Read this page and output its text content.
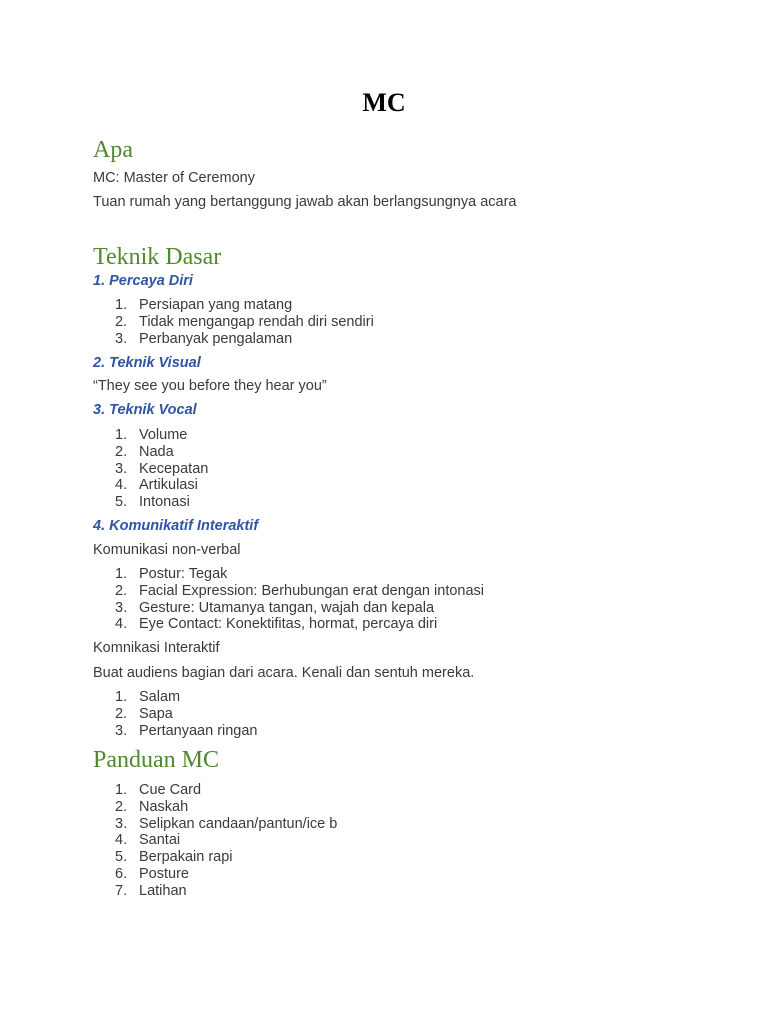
MC
Apa

MC: Master of Ceremony

Tuan rumah yang bertanggung jawab akan berlangsungnya acara

Teknik Dasar
1. Percaya Diri
1. Persiapan yang matang
2. Tidak mengangap rendah diri sendiri
3. Perbanyak pengalaman
2. Teknik Visual

“They see you before they hear you”

3. Teknik Vocal
1. Volume
2. Nada
3. Kecepatan
4. Artikulasi
5. Intonasi
4. Komunikatif Interaktif

Komunikasi non-verbal

1. Postur: Tegak
2. Facial Expression: Berhubungan erat dengan intonasi
3. Gesture: Utamanya tangan, wajah dan kepala
4. Eye Contact: Konektifitas, hormat, percaya diri

Komnikasi Interaktif

Buat audiens bagian dari acara. Kenali dan sentuh mereka.

1. Salam
2. Sapa
3. Pertanyaan ringan
Panduan MC
1. Cue Card
2. Naskah
3. Selipkan candaan/pantun/ice b
4. Santai
5. Berpakain rapi
6. Posture
7. Latihan
